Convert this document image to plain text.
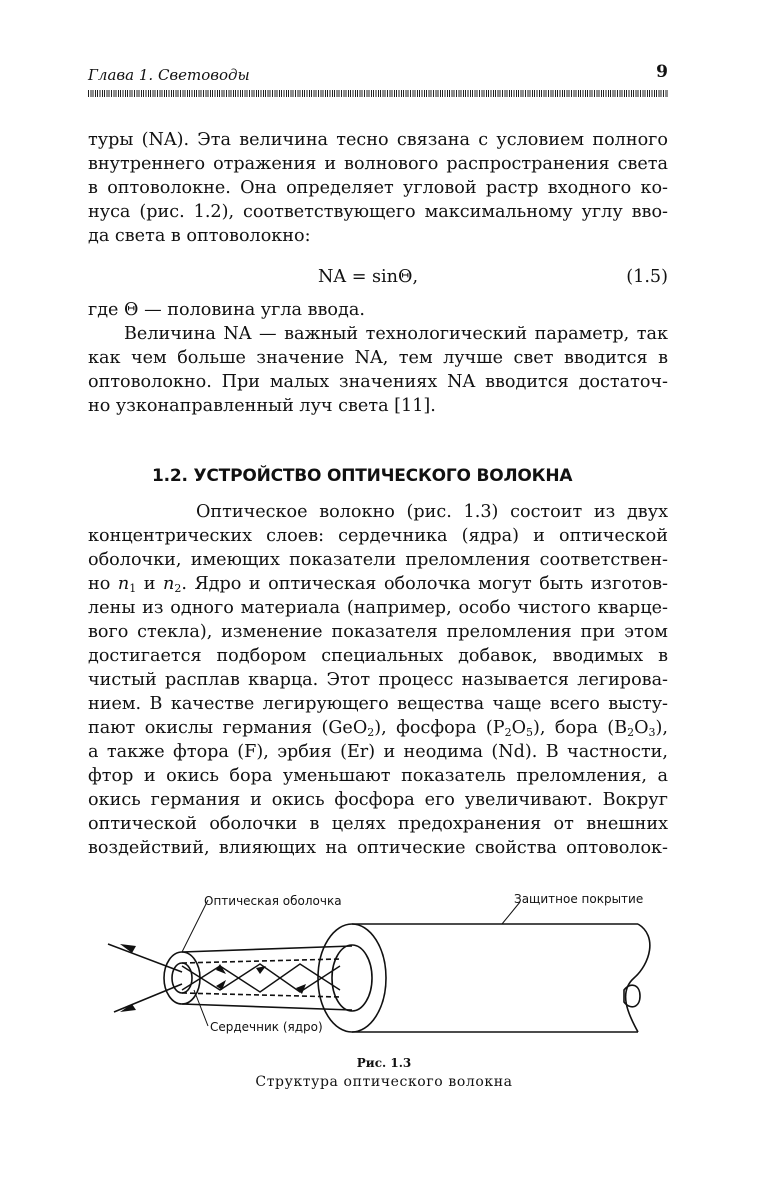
Глава 1. Световоды	9
туры (NA). Эта величина тесно связана с условием полного
внутреннего отражения и волнового распространения света
в оптоволокне. Она определяет угловой растр входного ко-
нуса (рис. 1.2), соответствующего максимальному углу вво-
да света в оптоволокно:
NA = sinΘ,	(1.5)
где Θ — половина угла ввода.
Величина NA — важный технологический параметр, так
как чем больше значение NA, тем лучше свет вводится в
оптоволокно. При малых значениях NA вводится достаточ-
но узконаправленный луч света [11].
1.2. УСТРОЙСТВО ОПТИЧЕСКОГО ВОЛОКНА
Оптическое волокно (рис. 1.3) состоит из двух
концентрических слоев: сердечника (ядра) и оптической
оболочки, имеющих показатели преломления соответствен-
но $n_1$ и $n_2$. Ядро и оптическая оболочка могут быть изготов-
лены из одного материала (например, особо чистого кварце-
вого стекла), изменение показателя преломления при этом
достигается подбором специальных добавок, вводимых в
чистый расплав кварца. Этот процесс называется легирова-
нием. В качестве легирующего вещества чаще всего высту-
пают окислы германия (GeO$_2$), фосфора $(P_2O_5)$, бора $(B_2O_3)$,
а также фтора (F), эрбия (Er) и неодима (Nd). В частности,
фтор и окись бора уменьшают показатель преломления, а
окись германия и окись фосфора его увеличивают. Вокруг
оптической оболочки в целях предохранения от внешних
воздействий, влияющих на оптические свойства оптоволок-
Оптическая оболочка	Защитное покрытие
Сердечник (ядро)
Рис. 1.3
Структура оптического волокна
